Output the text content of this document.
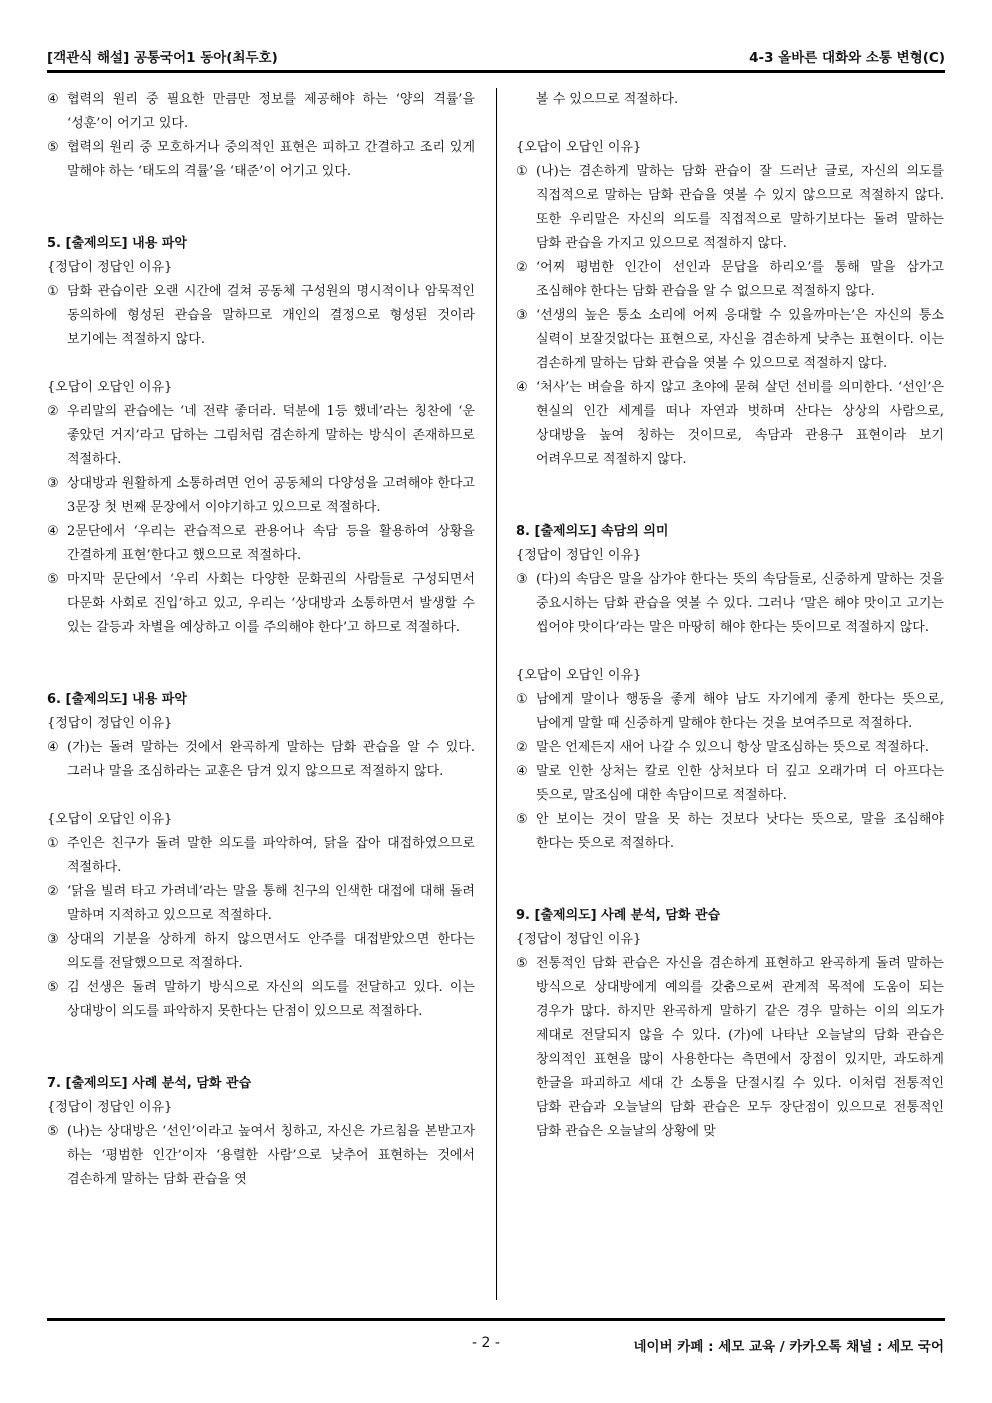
[객관식 해설] 공통국어1 동아(최두호)	4-3 올바른 대화와 소통 변형(C)
④ 협력의 원리 중 필요한 만큼만 정보를 제공해야 하는 ‘양의 격률’을 ‘성훈’이 어기고 있다.
⑤ 협력의 원리 중 모호하거나 중의적인 표현은 피하고 간결하고 조리 있게 말해야 하는 ‘태도의 격률’을 ‘태준’이 어기고 있다.
5. [출제의도] 내용 파악
{정답이 정답인 이유}
① 담화 관습이란 오랜 시간에 걸쳐 공동체 구성원의 명시적이나 암묵적인 동의하에 형성된 관습을 말하므로 개인의 결정으로 형성된 것이라 보기에는 적절하지 않다.
{오답이 오답인 이유}
② 우리말의 관습에는 ‘네 전략 좋더라. 덕분에 1등 했네’라는 칭찬에 ‘운 좋았던 거지’라고 답하는 그림처럼 겸손하게 말하는 방식이 존재하므로 적절하다.
③ 상대방과 원활하게 소통하려면 언어 공동체의 다양성을 고려해야 한다고 3문장 첫 번째 문장에서 이야기하고 있으므로 적절하다.
④ 2문단에서 ‘우리는 관습적으로 관용어나 속담 등을 활용하여 상황을 간결하게 표현’한다고 했으므로 적절하다.
⑤ 마지막 문단에서 ‘우리 사회는 다양한 문화권의 사람들로 구성되면서 다문화 사회로 진입’하고 있고, 우리는 ‘상대방과 소통하면서 발생할 수 있는 갈등과 차별을 예상하고 이를 주의해야 한다’고 하므로 적절하다.
6. [출제의도] 내용 파악
{정답이 정답인 이유}
④ (가)는 돌려 말하는 것에서 완곡하게 말하는 담화 관습을 알 수 있다. 그러나 말을 조심하라는 교훈은 담겨 있지 않으므로 적절하지 않다.
{오답이 오답인 이유}
① 주인은 친구가 돌려 말한 의도를 파악하여, 닭을 잡아 대접하였으므로 적절하다.
② ‘닭을 빌려 타고 가려네’라는 말을 통해 친구의 인색한 대접에 대해 돌려 말하며 지적하고 있으므로 적절하다.
③ 상대의 기분을 상하게 하지 않으면서도 안주를 대접받았으면 한다는 의도를 전달했으므로 적절하다.
⑤ 김 선생은 돌려 말하기 방식으로 자신의 의도를 전달하고 있다. 이는 상대방이 의도를 파악하지 못한다는 단점이 있으므로 적절하다.
7. [출제의도] 사례 분석, 담화 관습
{정답이 정답인 이유}
⑤ (나)는 상대방은 ‘선인’이라고 높여서 칭하고, 자신은 가르침을 본받고자 하는 ‘평범한 인간’이자 ‘용렬한 사람’으로 낮추어 표현하는 것에서 겸손하게 말하는 담화 관습을 엿
볼 수 있으므로 적절하다.
{오답이 오답인 이유}
① (나)는 겸손하게 말하는 담화 관습이 잘 드러난 글로, 자신의 의도를 직접적으로 말하는 담화 관습을 엿볼 수 있지 않으므로 적절하지 않다. 또한 우리말은 자신의 의도를 직접적으로 말하기보다는 돌려 말하는 담화 관습을 가지고 있으므로 적절하지 않다.
② ‘어찌 평범한 인간이 선인과 문답을 하리오’를 통해 말을 삼가고 조심해야 한다는 담화 관습을 알 수 없으므로 적절하지 않다.
③ ‘선생의 높은 퉁소 소리에 어찌 응대할 수 있을까마는’은 자신의 퉁소 실력이 보잘것없다는 표현으로, 자신을 겸손하게 낮추는 표현이다. 이는 겸손하게 말하는 담화 관습을 엿볼 수 있으므로 적절하지 않다.
④ ‘처사’는 벼슬을 하지 않고 초야에 묻혀 살던 선비를 의미한다. ‘선인’은 현실의 인간 세계를 떠나 자연과 벗하며 산다는 상상의 사람으로, 상대방을 높여 칭하는 것이므로, 속담과 관용구 표현이라 보기 어려우므로 적절하지 않다.
8. [출제의도] 속담의 의미
{정답이 정답인 이유}
③ (다)의 속담은 말을 삼가야 한다는 뜻의 속담들로, 신중하게 말하는 것을 중요시하는 담화 관습을 엿볼 수 있다. 그러나 ‘말은 해야 맛이고 고기는 씹어야 맛이다’라는 말은 마땅히 해야 한다는 뜻이므로 적절하지 않다.
{오답이 오답인 이유}
① 남에게 말이나 행동을 좋게 해야 남도 자기에게 좋게 한다는 뜻으로, 남에게 말할 때 신중하게 말해야 한다는 것을 보여주므로 적절하다.
② 말은 언제든지 새어 나갈 수 있으니 항상 말조심하는 뜻으로 적절하다.
④ 말로 인한 상처는 칼로 인한 상처보다 더 깊고 오래가며 더 아프다는 뜻으로, 말조심에 대한 속담이므로 적절하다.
⑤ 안 보이는 것이 말을 못 하는 것보다 낫다는 뜻으로, 말을 조심해야 한다는 뜻으로 적절하다.
9. [출제의도] 사례 분석, 담화 관습
{정답이 정답인 이유}
⑤ 전통적인 담화 관습은 자신을 겸손하게 표현하고 완곡하게 돌려 말하는 방식으로 상대방에게 예의를 갖춤으로써 관계적 목적에 도움이 되는 경우가 많다. 하지만 완곡하게 말하기 같은 경우 말하는 이의 의도가 제대로 전달되지 않을 수 있다. (가)에 나타난 오늘날의 담화 관습은 창의적인 표현을 많이 사용한다는 측면에서 장점이 있지만, 과도하게 한글을 파괴하고 세대 간 소통을 단절시킬 수 있다. 이처럼 전통적인 담화 관습과 오늘날의 담화 관습은 모두 장단점이 있으므로 전통적인 담화 관습은 오늘날의 상황에 맞
- 2 -	네이버 카페 : 세모 교육 / 카카오톡 채널 : 세모 국어
